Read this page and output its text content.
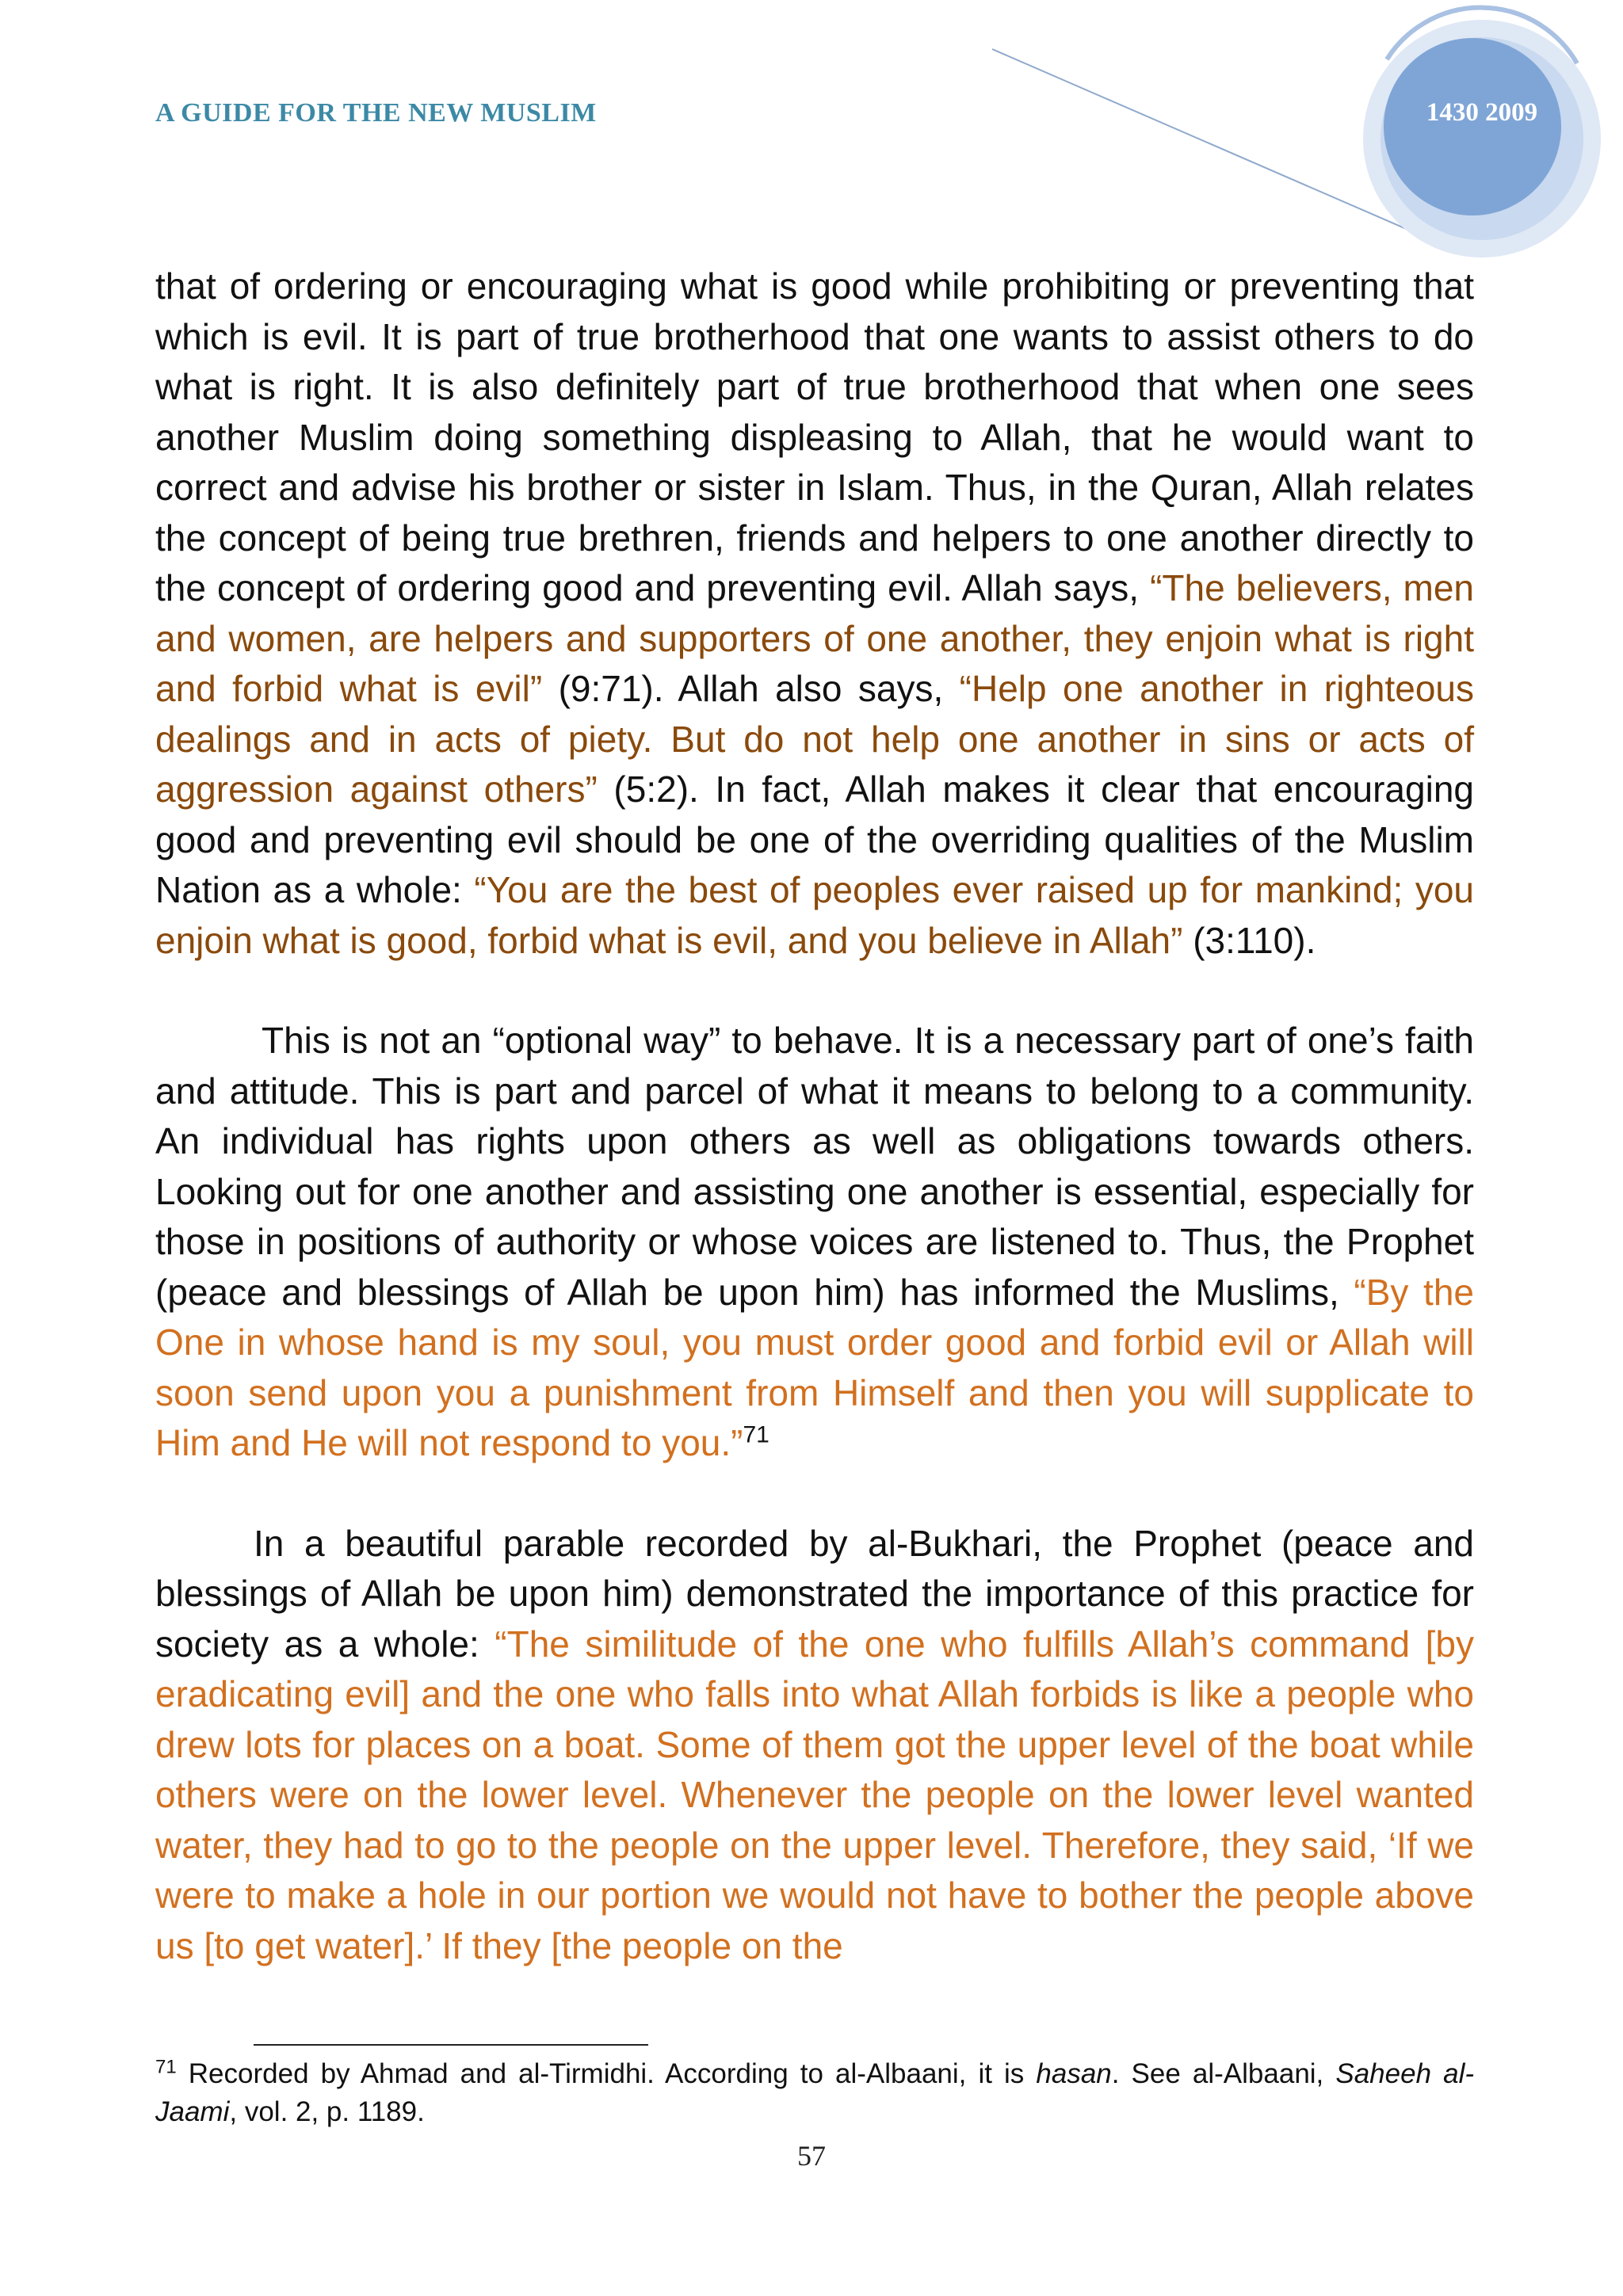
A GUIDE FOR THE NEW MUSLIM	1430 2009

that of ordering or encouraging what is good while prohibiting or preventing that which is evil. It is part of true brotherhood that one wants to assist others to do what is right. It is also definitely part of true brotherhood that when one sees another Muslim doing something displeasing to Allah, that he would want to correct and advise his brother or sister in Islam. Thus, in the Quran, Allah relates the concept of being true brethren, friends and helpers to one another directly to the concept of ordering good and preventing evil. Allah says, “The believers, men and women, are helpers and supporters of one another, they enjoin what is right and forbid what is evil” (9:71). Allah also says, “Help one another in righteous dealings and in acts of piety. But do not help one another in sins or acts of aggression against others” (5:2). In fact, Allah makes it clear that encouraging good and preventing evil should be one of the overriding qualities of the Muslim Nation as a whole: “You are the best of peoples ever raised up for mankind; you enjoin what is good, forbid what is evil, and you believe in Allah” (3:110).

This is not an “optional way” to behave. It is a necessary part of one’s faith and attitude. This is part and parcel of what it means to belong to a community. An individual has rights upon others as well as obligations towards others. Looking out for one another and assisting one another is essential, especially for those in positions of authority or whose voices are listened to. Thus, the Prophet (peace and blessings of Allah be upon him) has informed the Muslims, “By the One in whose hand is my soul, you must order good and forbid evil or Allah will soon send upon you a punishment from Himself and then you will supplicate to Him and He will not respond to you.”$^{71}$

In a beautiful parable recorded by al-Bukhari, the Prophet (peace and blessings of Allah be upon him) demonstrated the importance of this practice for society as a whole: “The similitude of the one who fulfills Allah’s command [by eradicating evil] and the one who falls into what Allah forbids is like a people who drew lots for places on a boat. Some of them got the upper level of the boat while others were on the lower level. Whenever the people on the lower level wanted water, they had to go to the people on the upper level. Therefore, they said, ‘If we were to make a hole in our portion we would not have to bother the people above us [to get water].’ If they [the people on the

$^{71}$ Recorded by Ahmad and al-Tirmidhi. According to al-Albaani, it is hasan. See al-Albaani, Saheeh al-Jaami, vol. 2, p. 1189.
57
